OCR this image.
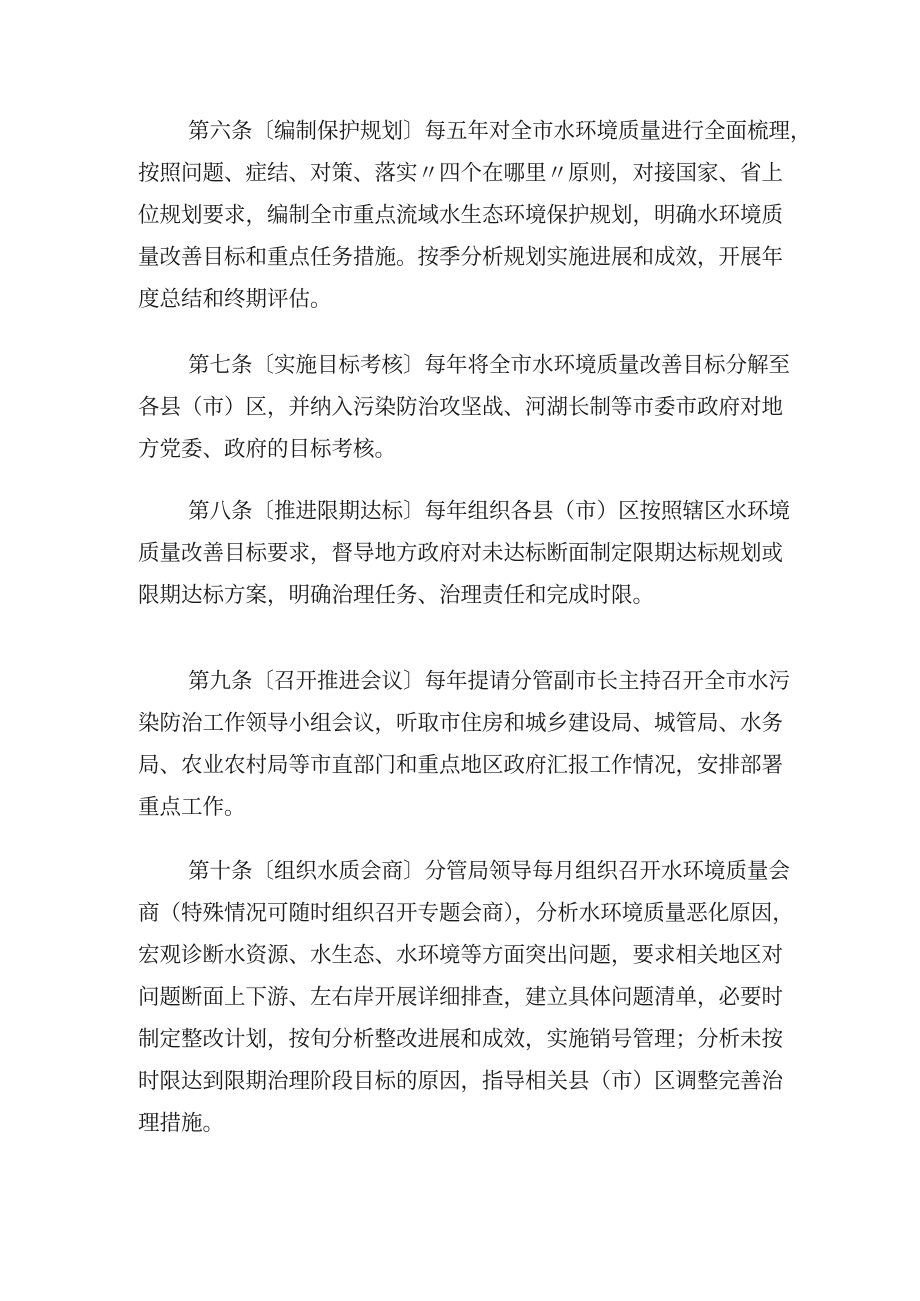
第六条〔编制保护规划〕每五年对全市水环境质量进行全面梳理，
按照问题、症结、对策、落实〃四个在哪里〃原则，对接国家、省上
位规划要求，编制全市重点流域水生态环境保护规划，明确水环境质
量改善目标和重点任务措施。按季分析规划实施进展和成效，开展年
度总结和终期评估。
第七条〔实施目标考核〕每年将全市水环境质量改善目标分解至
各县（市）区，并纳入污染防治攻坚战、河湖长制等市委市政府对地
方党委、政府的目标考核。
第八条〔推进限期达标〕每年组织各县（市）区按照辖区水环境
质量改善目标要求，督导地方政府对未达标断面制定限期达标规划或
限期达标方案，明确治理任务、治理责任和完成时限。
第九条〔召开推进会议〕每年提请分管副市长主持召开全市水污
染防治工作领导小组会议，听取市住房和城乡建设局、城管局、水务
局、农业农村局等市直部门和重点地区政府汇报工作情况，安排部署
重点工作。
第十条〔组织水质会商〕分管局领导每月组织召开水环境质量会
商（特殊情况可随时组织召开专题会商），分析水环境质量恶化原因，
宏观诊断水资源、水生态、水环境等方面突出问题，要求相关地区对
问题断面上下游、左右岸开展详细排查，建立具体问题清单，必要时
制定整改计划，按旬分析整改进展和成效，实施销号管理；分析未按
时限达到限期治理阶段目标的原因，指导相关县（市）区调整完善治
理措施。
